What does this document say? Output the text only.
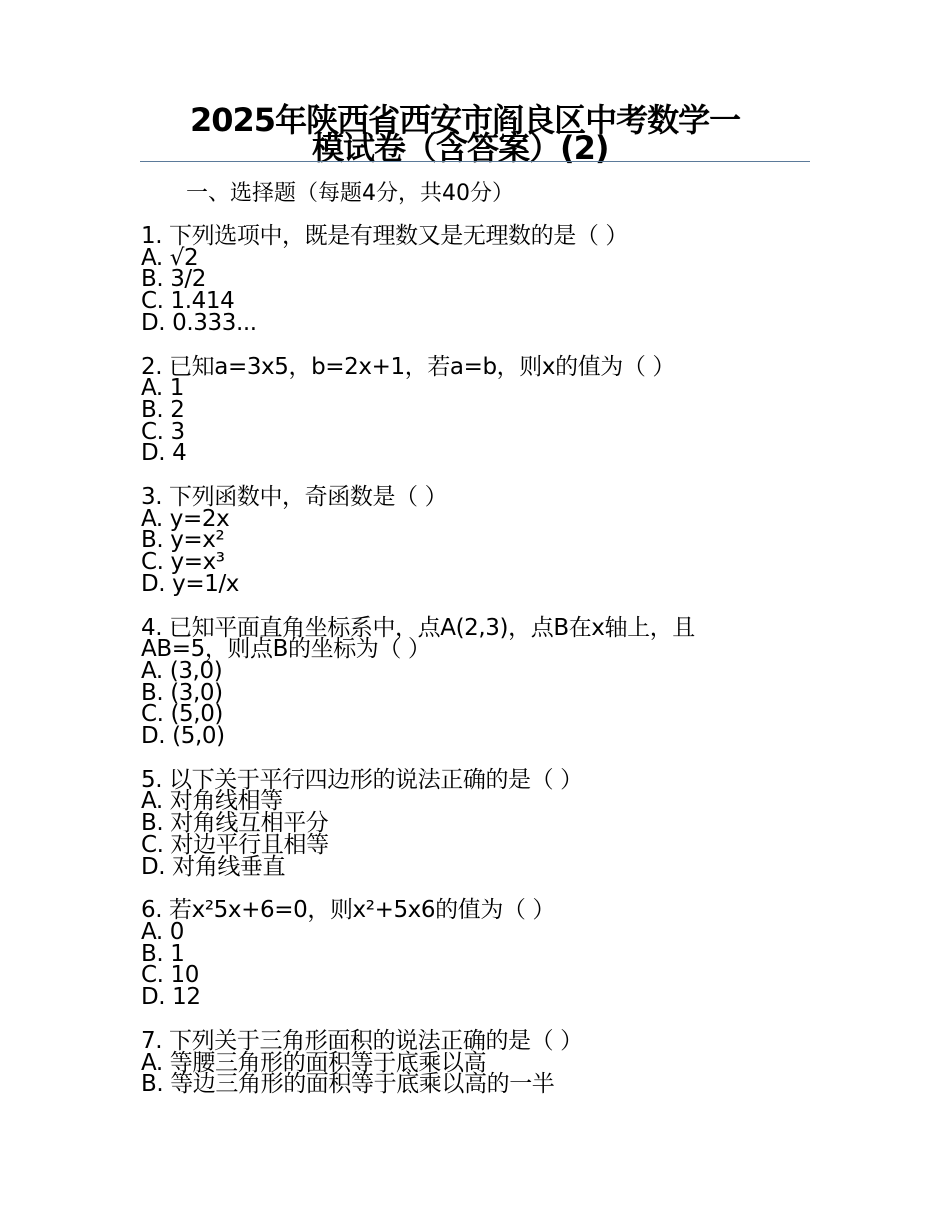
2025年陕西省西安市阎良区中考数学一
模试卷（含答案）(2)
一、选择题（每题4分，共40分）
1. 下列选项中，既是有理数又是无理数的是（ ）
A. √2
B. 3/2
C. 1.414
D. 0.333...
2. 已知a=3x5，b=2x+1，若a=b，则x的值为（ ）
A. 1
B. 2
C. 3
D. 4
3. 下列函数中，奇函数是（ ）
A. y=2x
B. y=x²
C. y=x³
D. y=1/x
4. 已知平面直角坐标系中，点A(2,3)，点B在x轴上，且AB=5，则点B的坐标为（ ）
A. (3,0)
B. (3,0)
C. (5,0)
D. (5,0)
5. 以下关于平行四边形的说法正确的是（ ）
A. 对角线相等
B. 对角线互相平分
C. 对边平行且相等
D. 对角线垂直
6. 若x²5x+6=0，则x²+5x6的值为（ ）
A. 0
B. 1
C. 10
D. 12
7. 下列关于三角形面积的说法正确的是（ ）
A. 等腰三角形的面积等于底乘以高
B. 等边三角形的面积等于底乘以高的一半
